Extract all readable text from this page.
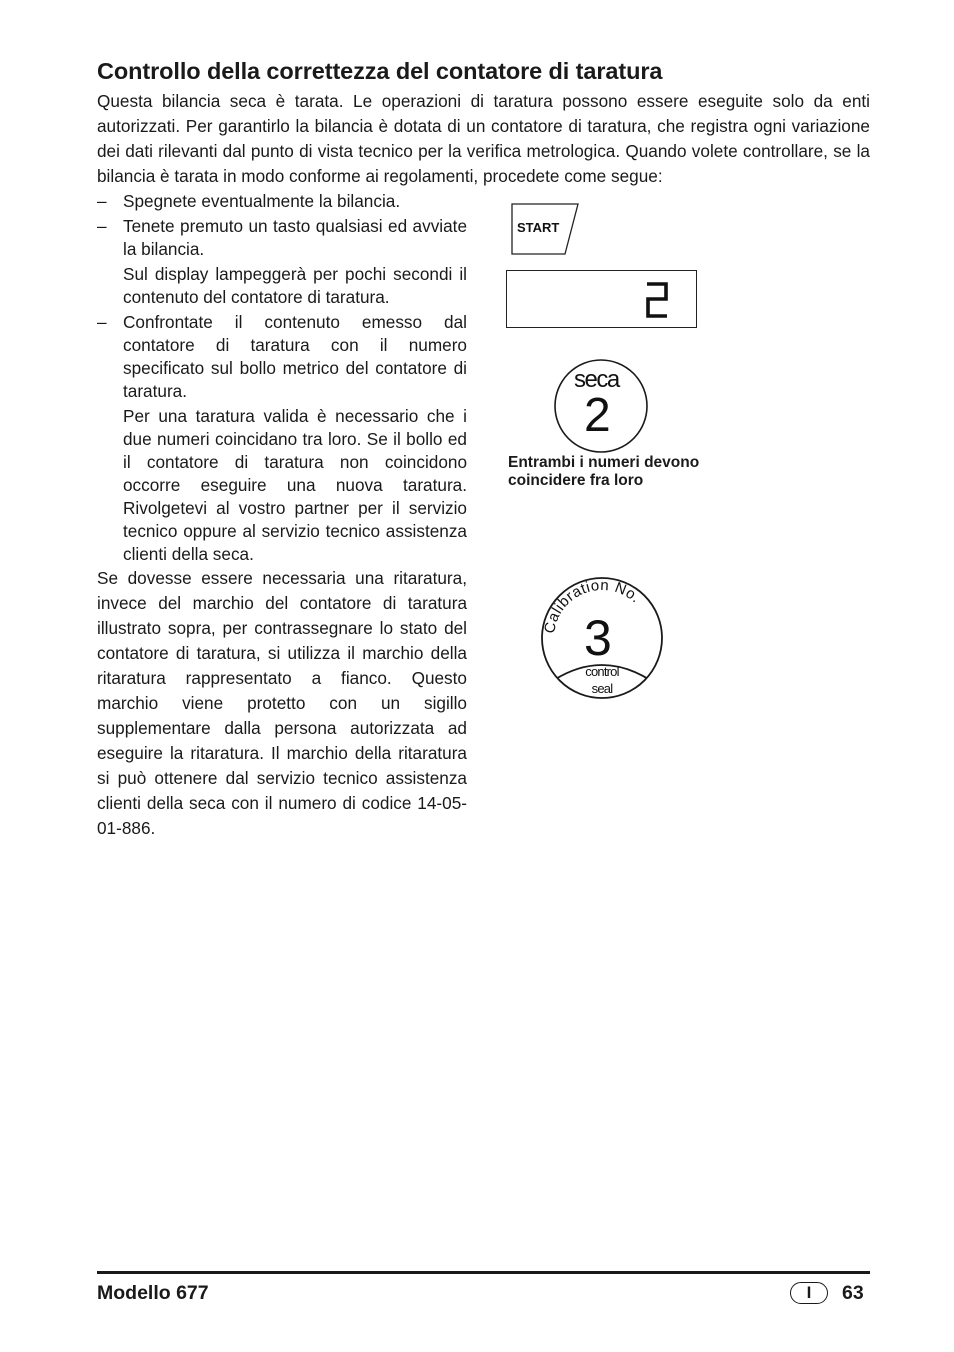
Controllo della correttezza del contatore di taratura

Questa bilancia seca è tarata. Le operazioni di taratura possono essere eseguite solo da enti autorizzati. Per garantirlo la bilancia è dotata di un contatore di taratura, che registra ogni variazione dei dati rilevanti dal punto di vista tecnico per la verifica metrologica. Quando volete controllare, se la bilancia è tarata in modo conforme ai regolamenti, procedete come segue:

– Spegnete eventualmente la bilancia.
– Tenete premuto un tasto qualsiasi ed avviate la bilancia.
Sul display lampeggerà per pochi secondi il contenuto del contatore di taratura.
– Confrontate il contenuto emesso dal contatore di taratura con il numero specificato sul bollo metrico del contatore di taratura.
Per una taratura valida è necessario che i due numeri coincidano tra loro. Se il bollo ed il contatore di taratura non coincidono occorre eseguire una nuova taratura. Rivolgetevi al vostro partner per il servizio tecnico oppure al servizio tecnico assistenza clienti della seca.
Se dovesse essere necessaria una ritaratura, invece del marchio del contatore di taratura illustrato sopra, per contrassegnare lo stato del contatore di taratura, si utilizza il marchio della ritaratura rappresentato a fianco. Questo marchio viene protetto con un sigillo supplementare dalla persona autorizzata ad eseguire la ritaratura. Il marchio della ritaratura si può ottenere dal servizio tecnico assistenza clienti della seca con il numero di codice 14-05-01-886.
START
seca
2

Entrambi i numeri devono
coincidere fra loro

Calibration No.
3
control
seal
Modello 677	I	63
